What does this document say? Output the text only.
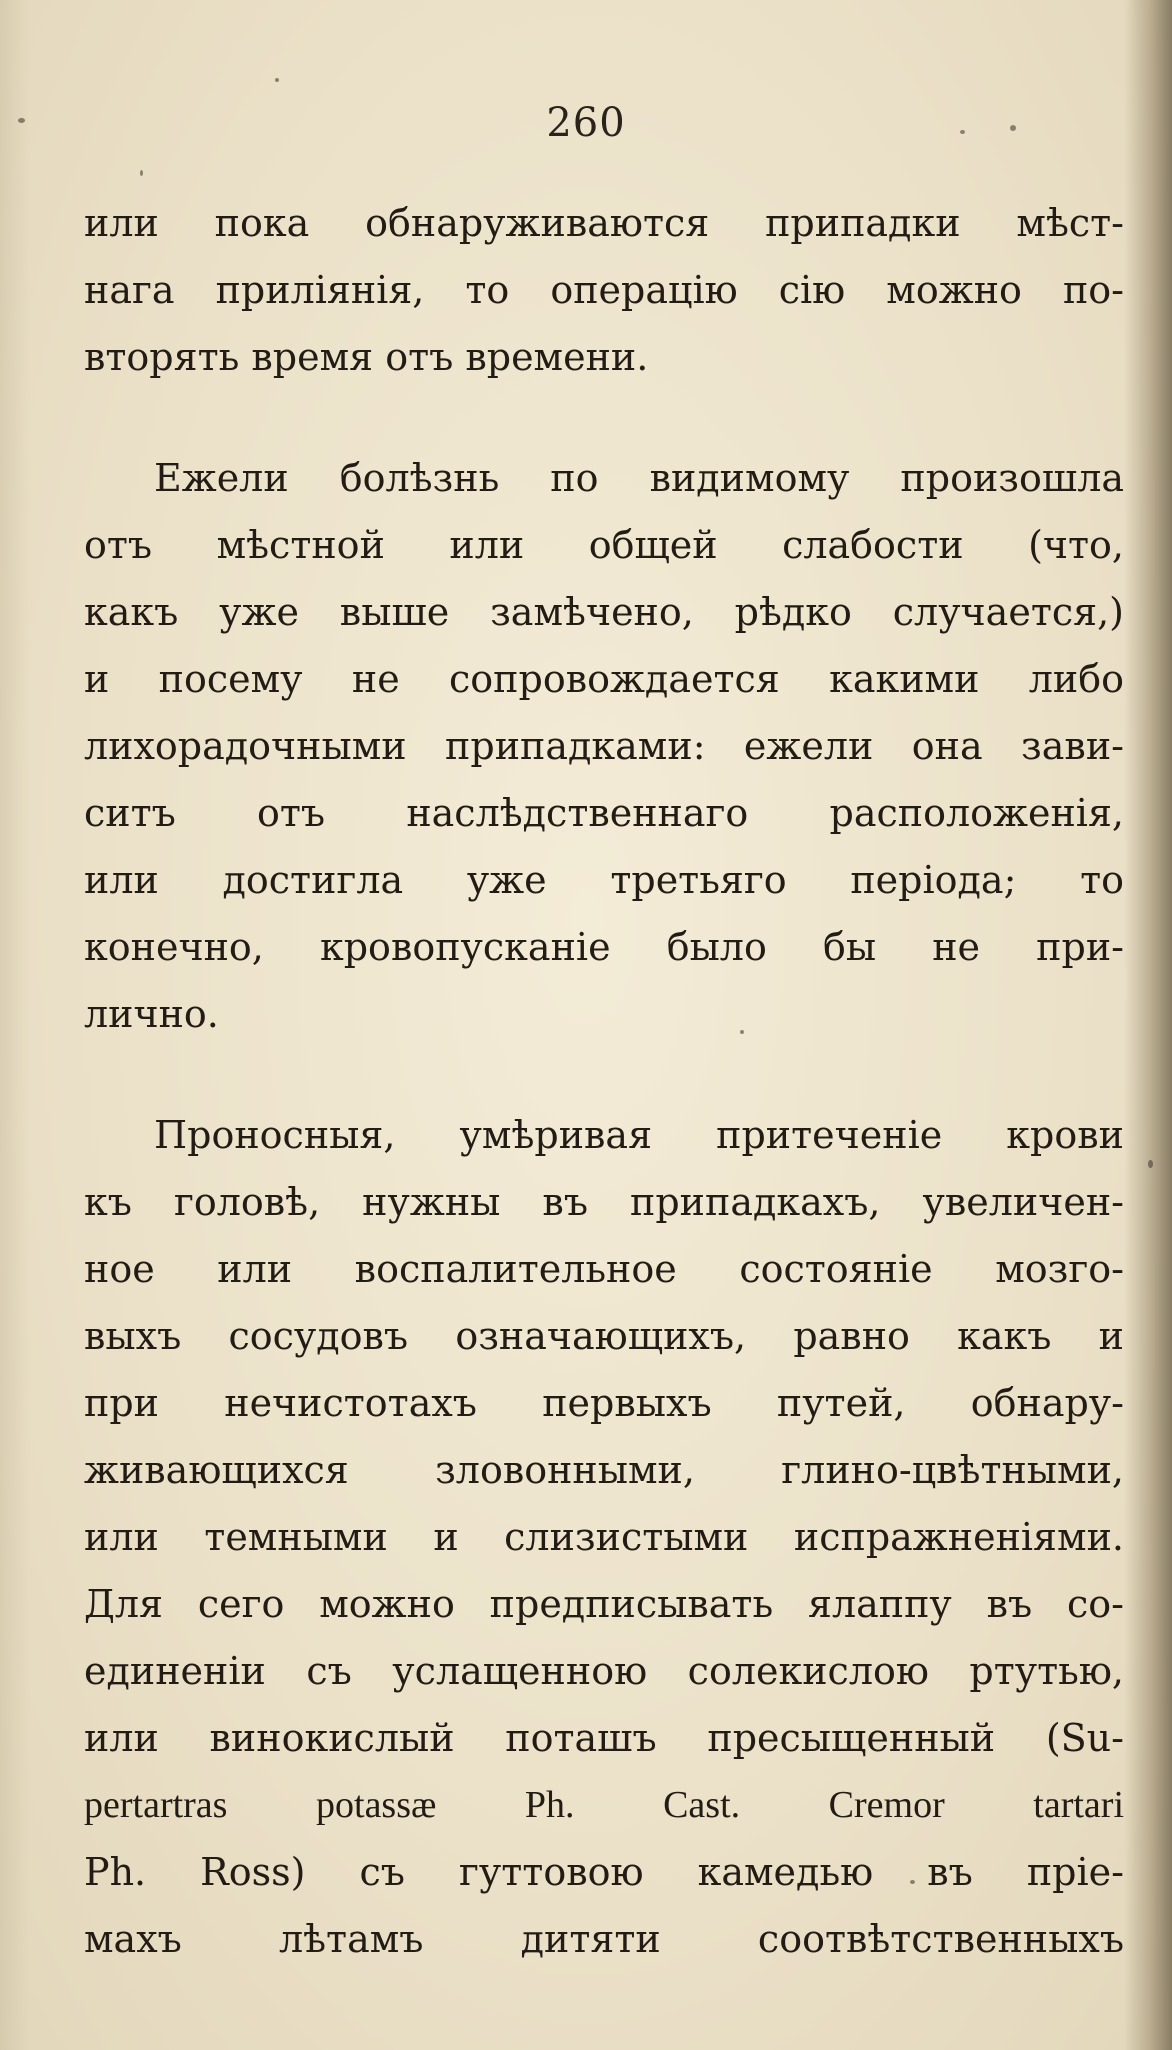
260

или пока обнаруживаются припадки мѣст-
нага прилiянiя, то операцiю сiю можно по-
вторять время отъ времени.

Ежели болѣзнь по видимому произошла
отъ мѣстной или общей слабости (что,
какъ уже выше замѣчено, рѣдко случается,)
и посему не сопровождается какими либо
лихорадочными припадками: ежели она зави-
ситъ отъ наслѣдственнаго расположенiя,
или достигла уже третьяго перiода; то
конечно, кровопусканiе было бы не при-
лично.

Проносныя, умѣривая притеченiе крови
къ головѣ, нужны въ припадкахъ, увеличен-
ное или воспалительное состоянiе мозго-
выхъ сосудовъ означающихъ, равно какъ и
при нечистотахъ первыхъ путей, обнару-
живающихся зловонными, глино-цвѣтными,
или темными и слизистыми испражненiями.
Для сего можно предписывать ялаппу въ со-
единенiи съ услащенною солекислою ртутью,
или винокислый поташъ пресыщенный (Su-
pertartras potassæ Ph. Cast. Cremor tartari
Ph. Ross) съ гуттовою камедью въ прiе-
махъ лѣтамъ дитяти соотвѣтственныхъ
